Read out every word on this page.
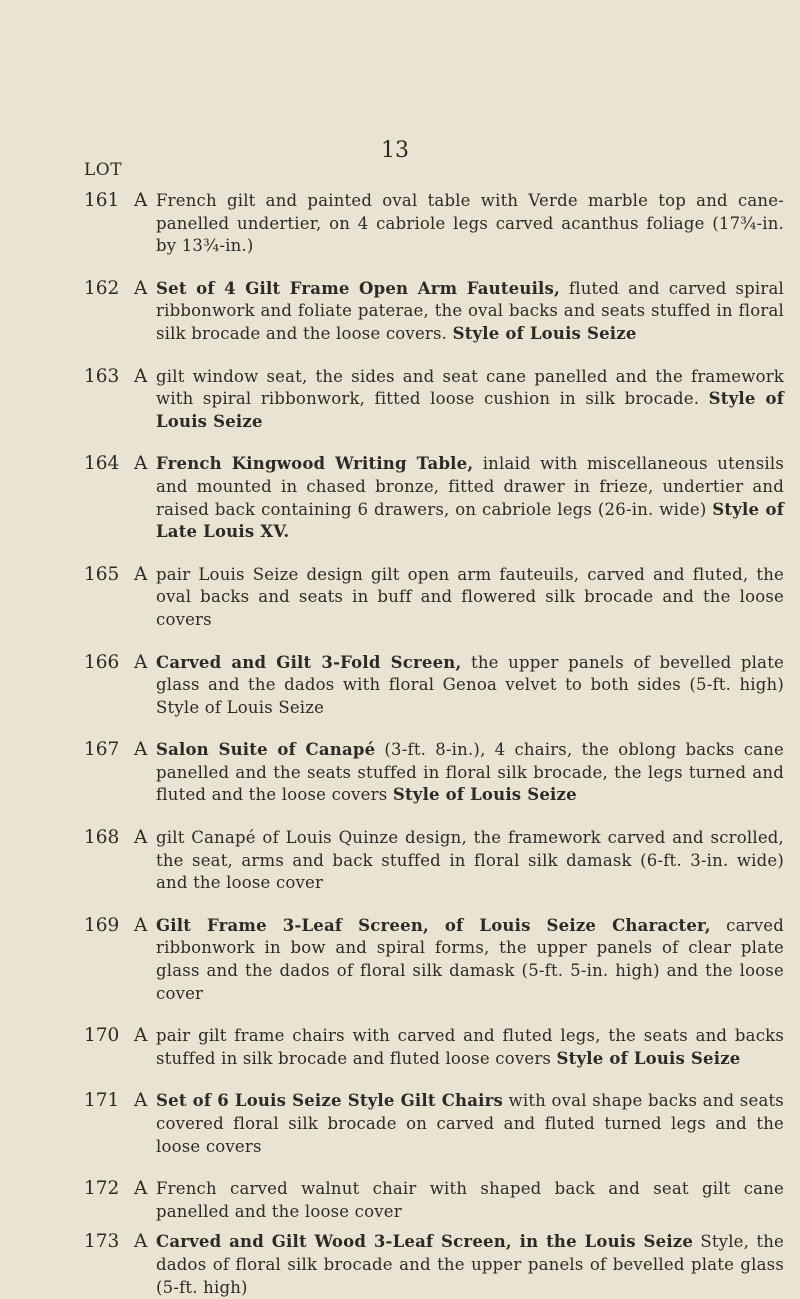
13
LOT
161 A French gilt and painted oval table with Verde marble top and cane-panelled undertier, on 4 cabriole legs carved acanthus foliage (17¾-in. by 13¾-in.)
162 A Set of 4 Gilt Frame Open Arm Fauteuils, fluted and carved spiral ribbonwork and foliate paterae, the oval backs and seats stuffed in floral silk brocade and the loose covers. Style of Louis Seize
163 A gilt window seat, the sides and seat cane panelled and the framework with spiral ribbonwork, fitted loose cushion in silk brocade. Style of Louis Seize
164 A French Kingwood Writing Table, inlaid with miscellaneous utensils and mounted in chased bronze, fitted drawer in frieze, undertier and raised back containing 6 drawers, on cabriole legs (26-in. wide) Style of Late Louis XV.
165 A pair Louis Seize design gilt open arm fauteuils, carved and fluted, the oval backs and seats in buff and flowered silk brocade and the loose covers
166 A Carved and Gilt 3-Fold Screen, the upper panels of bevelled plate glass and the dados with floral Genoa velvet to both sides (5-ft. high) Style of Louis Seize
167 A Salon Suite of Canapé (3-ft. 8-in.), 4 chairs, the oblong backs cane panelled and the seats stuffed in floral silk brocade, the legs turned and fluted and the loose covers Style of Louis Seize
168 A gilt Canapé of Louis Quinze design, the framework carved and scrolled, the seat, arms and back stuffed in floral silk damask (6-ft. 3-in. wide) and the loose cover
169 A Gilt Frame 3-Leaf Screen, of Louis Seize Character, carved ribbonwork in bow and spiral forms, the upper panels of clear plate glass and the dados of floral silk damask (5-ft. 5-in. high) and the loose cover
170 A pair gilt frame chairs with carved and fluted legs, the seats and backs stuffed in silk brocade and fluted loose covers Style of Louis Seize
171 A Set of 6 Louis Seize Style Gilt Chairs with oval shape backs and seats covered floral silk brocade on carved and fluted turned legs and the loose covers
172 A French carved walnut chair with shaped back and seat gilt cane panelled and the loose cover
173 A Carved and Gilt Wood 3-Leaf Screen, in the Louis Seize Style, the dados of floral silk brocade and the upper panels of bevelled plate glass (5-ft. high)
